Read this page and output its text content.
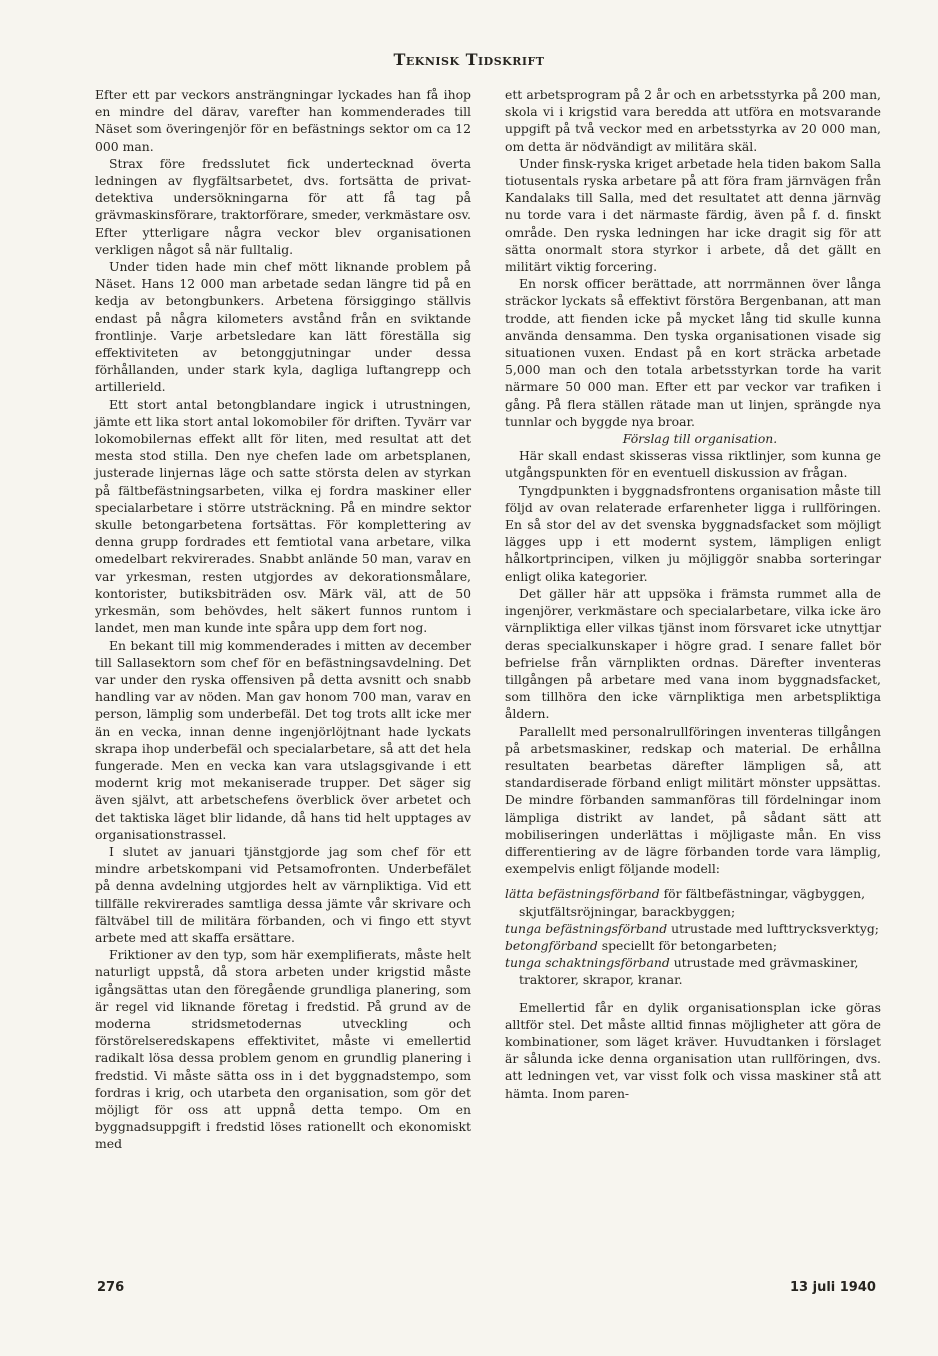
Teknisk Tidskrift

Efter ett par veckors ansträngningar lyckades han få ihop en mindre del därav, varefter han kommenderades till Näset som överingenjör för en befästnings sektor om ca 12 000 man.

Strax före fredsslutet fick undertecknad överta ledningen av flygfältsarbetet, dvs. fortsätta de privat-detektiva undersökningarna för att få tag på grävmaskinsförare, traktorförare, smeder, verkmästare osv. Efter ytterligare några veckor blev organisationen verkligen något så när fulltalig.

Under tiden hade min chef mött liknande problem på Näset. Hans 12 000 man arbetade sedan längre tid på en kedja av betongbunkers. Arbetena försiggingo ställvis endast på några kilometers avstånd från en sviktande frontlinje. Varje arbetsledare kan lätt föreställa sig effektiviteten av betonggjutningar under dessa förhållanden, under stark kyla, dagliga luftangrepp och artillerield.

Ett stort antal betongblandare ingick i utrustningen, jämte ett lika stort antal lokomobiler för driften. Tyvärr var lokomobilernas effekt allt för liten, med resultat att det mesta stod stilla. Den nye chefen lade om arbetsplanen, justerade linjernas läge och satte största delen av styrkan på fältbefästningsarbeten, vilka ej fordra maskiner eller specialarbetare i större utsträckning. På en mindre sektor skulle betongarbetena fortsättas. För komplettering av denna grupp fordrades ett femtiotal vana arbetare, vilka omedelbart rekvirerades. Snabbt anlände 50 man, varav en var yrkesman, resten utgjordes av dekorationsmålare, kontorister, butiksbiträden osv. Märk väl, att de 50 yrkesmän, som behövdes, helt säkert funnos runtom i landet, men man kunde inte spåra upp dem fort nog.

En bekant till mig kommenderades i mitten av december till Sallasektorn som chef för en befästningsavdelning. Det var under den ryska offensiven på detta avsnitt och snabb handling var av nöden. Man gav honom 700 man, varav en person, lämplig som underbefäl. Det tog trots allt icke mer än en vecka, innan denne ingenjörlöjtnant hade lyckats skrapa ihop underbefäl och specialarbetare, så att det hela fungerade. Men en vecka kan vara utslagsgivande i ett modernt krig mot mekaniserade trupper. Det säger sig även självt, att arbetschefens överblick över arbetet och det taktiska läget blir lidande, då hans tid helt upptages av organisationstrassel.

I slutet av januari tjänstgjorde jag som chef för ett mindre arbetskompani vid Petsamofronten. Underbefälet på denna avdelning utgjordes helt av värnpliktiga. Vid ett tillfälle rekvirerades samtliga dessa jämte vår skrivare och fältväbel till de militära förbanden, och vi fingo ett styvt arbete med att skaffa ersättare.

Friktioner av den typ, som här exemplifierats, måste helt naturligt uppstå, då stora arbeten under krigstid måste igångsättas utan den föregående grundliga planering, som är regel vid liknande företag i fredstid. På grund av de moderna stridsmetodernas utveckling och förstörelseredskapens effektivitet, måste vi emellertid radikalt lösa dessa problem genom en grundlig planering i fredstid. Vi måste sätta oss in i det byggnadstempo, som fordras i krig, och utarbeta den organisation, som gör det möjligt för oss att uppnå detta tempo. Om en byggnadsuppgift i fredstid löses rationellt och ekonomiskt med

ett arbetsprogram på 2 år och en arbetsstyrka på 200 man, skola vi i krigstid vara beredda att utföra en motsvarande uppgift på två veckor med en arbetsstyrka av 20 000 man, om detta är nödvändigt av militära skäl.

Under finsk-ryska kriget arbetade hela tiden bakom Salla tiotusentals ryska arbetare på att föra fram järnvägen från Kandalaks till Salla, med det resultatet att denna järnväg nu torde vara i det närmaste färdig, även på f. d. finskt område. Den ryska ledningen har icke dragit sig för att sätta onormalt stora styrkor i arbete, då det gällt en militärt viktig forcering.

En norsk officer berättade, att norrmännen över långa sträckor lyckats så effektivt förstöra Bergenbanan, att man trodde, att fienden icke på mycket lång tid skulle kunna använda densamma. Den tyska organisationen visade sig situationen vuxen. Endast på en kort sträcka arbetade 5,000 man och den totala arbetsstyrkan torde ha varit närmare 50 000 man. Efter ett par veckor var trafiken i gång. På flera ställen rätade man ut linjen, sprängde nya tunnlar och byggde nya broar.

Förslag till organisation.

Här skall endast skisseras vissa riktlinjer, som kunna ge utgångspunkten för en eventuell diskussion av frågan.

Tyngdpunkten i byggnadsfrontens organisation måste till följd av ovan relaterade erfarenheter ligga i rullföringen. En så stor del av det svenska byggnadsfacket som möjligt lägges upp i ett modernt system, lämpligen enligt hålkortprincipen, vilken ju möjliggör snabba sorteringar enligt olika kategorier.

Det gäller här att uppsöka i främsta rummet alla de ingenjörer, verkmästare och specialarbetare, vilka icke äro värnpliktiga eller vilkas tjänst inom försvaret icke utnyttjar deras specialkunskaper i högre grad. I senare fallet bör befrielse från värnplikten ordnas. Därefter inventeras tillgången på arbetare med vana inom byggnadsfacket, som tillhöra den icke värnpliktiga men arbetspliktiga åldern.

Parallellt med personalrullföringen inventeras tillgången på arbetsmaskiner, redskap och material. De erhållna resultaten bearbetas därefter lämpligen så, att standardiserade förband enligt militärt mönster uppsättas. De mindre förbanden sammanföras till fördelningar inom lämpliga distrikt av landet, på sådant sätt att mobiliseringen underlättas i möjligaste mån. En viss differentiering av de lägre förbanden torde vara lämplig, exempelvis enligt följande modell:

lätta befästningsförband för fältbefästningar, vägbyggen, skjutfältsröjningar, barackbyggen;
tunga befästningsförband utrustade med lufttrycksverktyg;
betongförband speciellt för betongarbeten;
tunga schaktningsförband utrustade med grävmaskiner, traktorer, skrapor, kranar.

Emellertid får en dylik organisationsplan icke göras alltför stel. Det måste alltid finnas möjligheter att göra de kombinationer, som läget kräver. Huvudtanken i förslaget är sålunda icke denna organisation utan rullföringen, dvs. att ledningen vet, var visst folk och vissa maskiner stå att hämta. Inom paren-

276	13 juli 1940
